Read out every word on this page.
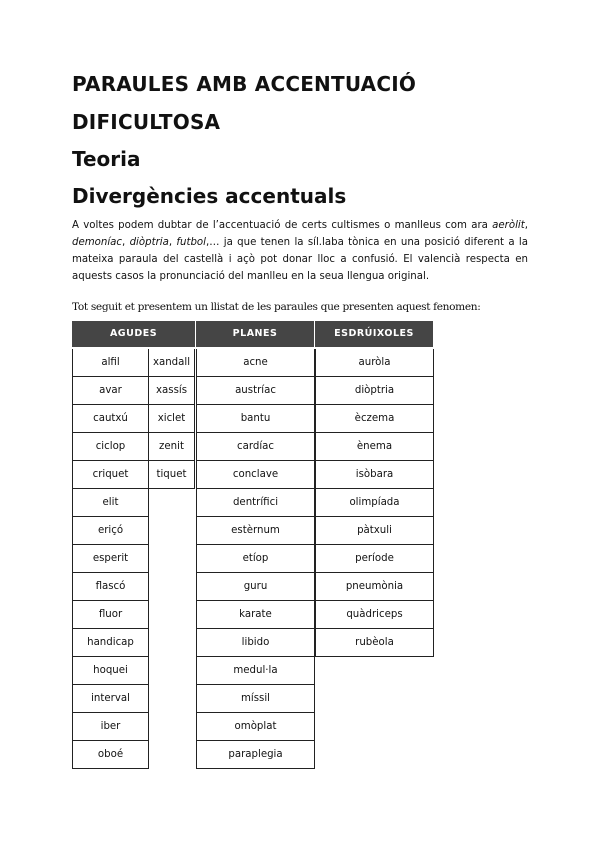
PARAULES AMB ACCENTUACIÓ
DIFICULTOSA
Teoria
Divergències accentuals
A voltes podem dubtar de l’accentuació de certs cultismes o manlleus com ara aeròlit, demoníac, diòptria, futbol,… ja que tenen la síl.laba tònica en una posició diferent a la mateixa paraula del castellà i açò pot donar lloc a confusió. El valencià respecta en aquests casos la pronunciació del manlleu en la seua llengua original.
Tot seguit et presentem un llistat de les paraules que presenten aquest fenomen:
AGUDES	PLANES	ESDRÚIXOLES
alfil
avar
cautxú
ciclop
criquet
elit
eriçó
esperit
flascó
fluor
handicap
hoquei
interval
iber
oboé
xandall
xassís
xiclet
zenit
tiquet
acne
austríac
bantu
cardíac
conclave
dentrífici
estèrnum
etíop
guru
karate
libido
medul·la
míssil
omòplat
paraplegia
auròla
diòptria
èczema
ènema
isòbara
olimpíada
pàtxuli
període
pneumònia
quàdriceps
rubèola
